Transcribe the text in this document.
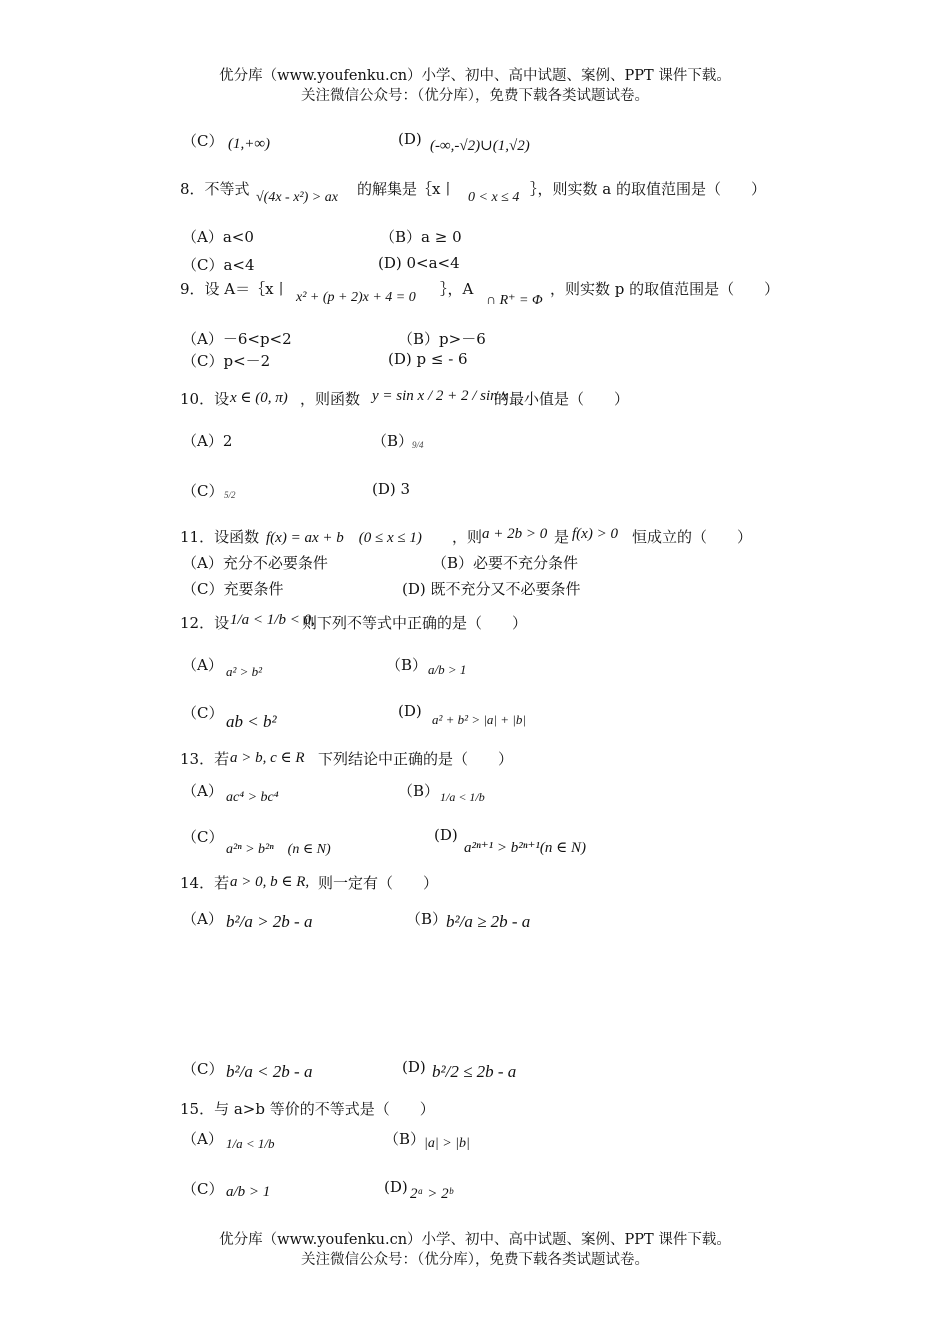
优分库（www.youfenku.cn）小学、初中、高中试题、案例、PPT 课件下载。
关注微信公众号：（优分库），免费下载各类试题试卷。
（C） (1,+∞)	(D) (-∞,-√2)∪(1,√2)
8．不等式 √(4x - x²) > ax 的解集是｛x丨 0 < x ≤ 4 ｝，则实数 a 的取值范围是（　　）
（A）a<0	（B）a ≥ 0
（C）a<4	(D) 0<a<4
9．设 A＝｛x丨 x² + (p + 2)x + 4 = 0 ｝，A
∩ R⁺ = Φ
，则实数 p 的取值范围是（　　）
（A）－6<p<2	（B）p>－6
（C）p<－2	(D) p ≤ - 6
10．设 x ∈ (0, π) ，则函数 y = sin x / 2 + 2 / sin x
的最小值是（　　）
（A）2	（B）
9/4
（C） 5/2	(D) 3
11．设函数 f(x) = ax + b　(0 ≤ x ≤ 1) ，则 a + 2b > 0 是 f(x) > 0 恒成立的（　　）
（A）充分不必要条件	（B）必要不充分条件
（C）充要条件	(D) 既不充分又不必要条件
12．设 1/a < 1/b < 0,
则下列不等式中正确的是（　　）
（A） a² > b²	（B） a/b > 1
（C） ab < b²
(D) a² + b² > |a| + |b|
13．若 a > b, c ∈ R 下列结论中正确的是（　　）
（A） ac⁴ > bc⁴	（B） 1/a < 1/b
（C）
a²ⁿ > b²ⁿ　(n ∈ N)
(D)
a²ⁿ⁺¹ > b²ⁿ⁺¹(n ∈ N)
14．若 a > 0, b ∈ R, 则一定有（　　）
（A） b²/a > 2b - a	（B）
b²/a ≥ 2b - a
（C） b²/a < 2b - a	(D) b²/2 ≤ 2b - a
15．与 a>b 等价的不等式是（　　）
（A） 1/a < 1/b	（B）
|a| > |b|
（C） a/b > 1	(D) 2ᵃ > 2ᵇ
优分库（www.youfenku.cn）小学、初中、高中试题、案例、PPT 课件下载。
关注微信公众号：（优分库），免费下载各类试题试卷。
